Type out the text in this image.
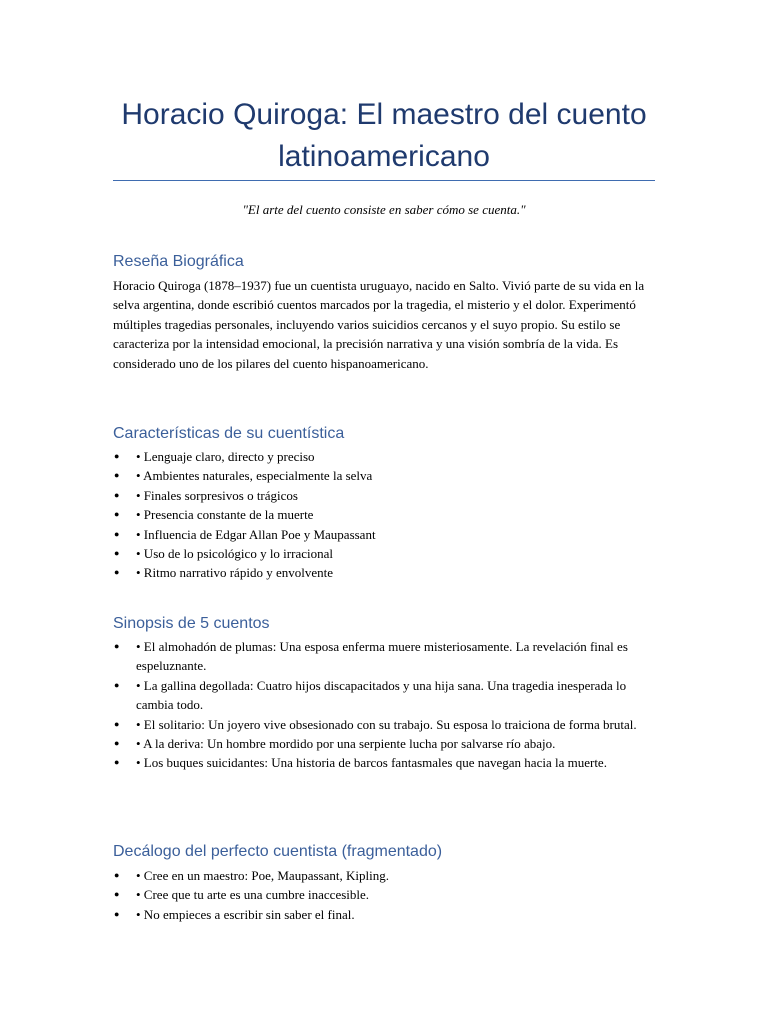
Horacio Quiroga: El maestro del cuento latinoamericano
"El arte del cuento consiste en saber cómo se cuenta."
Reseña Biográfica

Horacio Quiroga (1878–1937) fue un cuentista uruguayo, nacido en Salto. Vivió parte de su vida en la selva argentina, donde escribió cuentos marcados por la tragedia, el misterio y el dolor. Experimentó múltiples tragedias personales, incluyendo varios suicidios cercanos y el suyo propio. Su estilo se caracteriza por la intensidad emocional, la precisión narrativa y una visión sombría de la vida. Es considerado uno de los pilares del cuento hispanoamericano.

Características de su cuentística
● • Lenguaje claro, directo y preciso
● • Ambientes naturales, especialmente la selva
● • Finales sorpresivos o trágicos
● • Presencia constante de la muerte
● • Influencia de Edgar Allan Poe y Maupassant
● • Uso de lo psicológico y lo irracional
● • Ritmo narrativo rápido y envolvente
Sinopsis de 5 cuentos
● • El almohadón de plumas: Una esposa enferma muere misteriosamente. La revelación final es espeluznante.
● • La gallina degollada: Cuatro hijos discapacitados y una hija sana. Una tragedia inesperada lo cambia todo.
● • El solitario: Un joyero vive obsesionado con su trabajo. Su esposa lo traiciona de forma brutal.
● • A la deriva: Un hombre mordido por una serpiente lucha por salvarse río abajo.
● • Los buques suicidantes: Una historia de barcos fantasmales que navegan hacia la muerte.
Decálogo del perfecto cuentista (fragmentado)
● • Cree en un maestro: Poe, Maupassant, Kipling.
● • Cree que tu arte es una cumbre inaccesible.
● • No empieces a escribir sin saber el final.
